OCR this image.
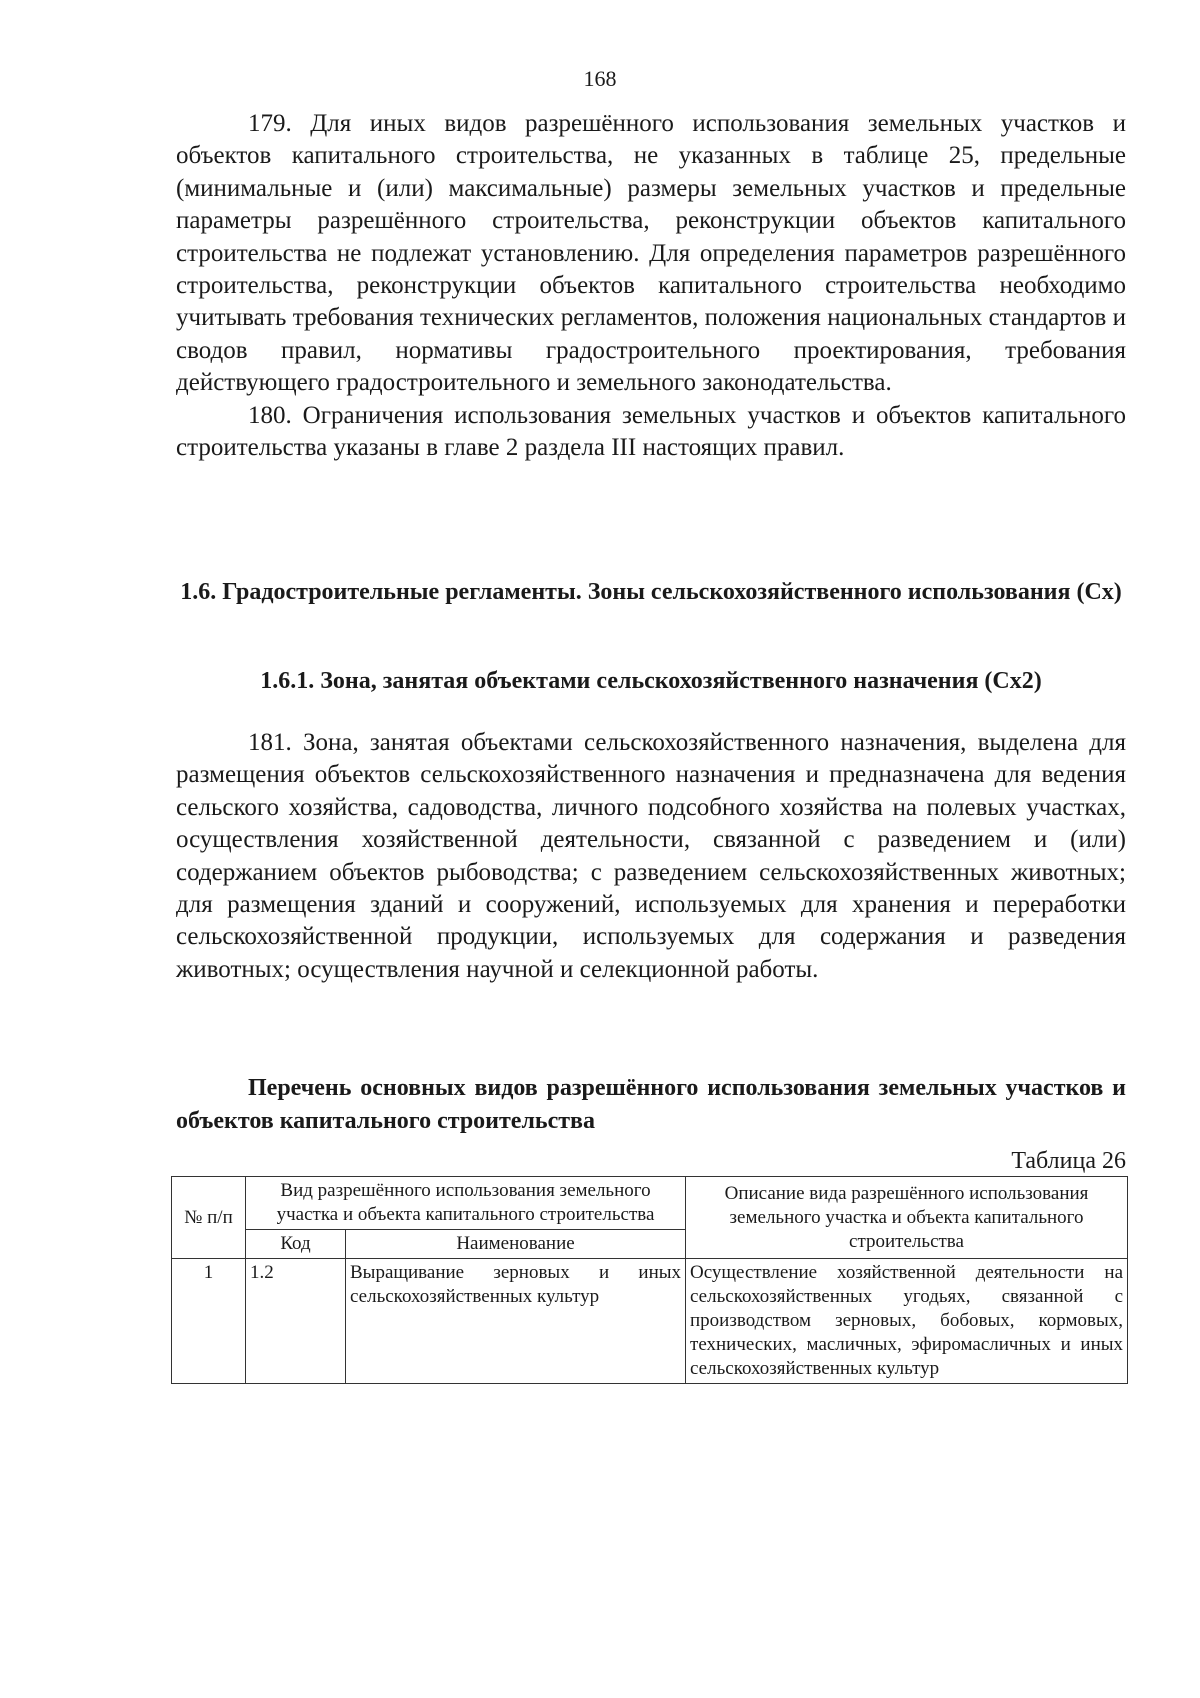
168

179. Для иных видов разрешённого использования земельных участков и объектов капитального строительства, не указанных в таблице 25, предельные (минимальные и (или) максимальные) размеры земельных участков и предельные параметры разрешённого строительства, реконструкции объектов капитального строительства не подлежат установлению. Для определения параметров разрешённого строительства, реконструкции объектов капитального строительства необходимо учитывать требования технических регламентов, положения национальных стандартов и сводов правил, нормативы градостроительного проектирования, требования действующего градостроительного и земельного законодательства.

180. Ограничения использования земельных участков и объектов капитального строительства указаны в главе 2 раздела III настоящих правил.

1.6. Градостроительные регламенты. Зоны сельскохозяйственного использования (Сх)
1.6.1. Зона, занятая объектами сельскохозяйственного назначения (Сх2)

181. Зона, занятая объектами сельскохозяйственного назначения, выделена для размещения объектов сельскохозяйственного назначения и предназначена для ведения сельского хозяйства, садоводства, личного подсобного хозяйства на полевых участках, осуществления хозяйственной деятельности, связанной с разведением и (или) содержанием объектов рыбоводства; с разведением сельскохозяйственных животных; для размещения зданий и сооружений, используемых для хранения и переработки сельскохозяйственной продукции, используемых для содержания и разведения животных; осуществления научной и селекционной работы.

Перечень основных видов разрешённого использования земельных участков и объектов капитального строительства
Таблица 26
№ п/п	Вид разрешённого использования земельного участка и объекта капитального строительства		Описание вида разрешённого использования земельного участка и объекта капитального строительства
	Код	Наименование	
1	1.2	Выращивание зерновых и иных сельскохозяйственных культур	Осуществление хозяйственной деятельности на сельскохозяйственных угодьях, связанной с производством зерновых, бобовых, кормовых, технических, масличных, эфиромасличных и иных сельскохозяйственных культур
